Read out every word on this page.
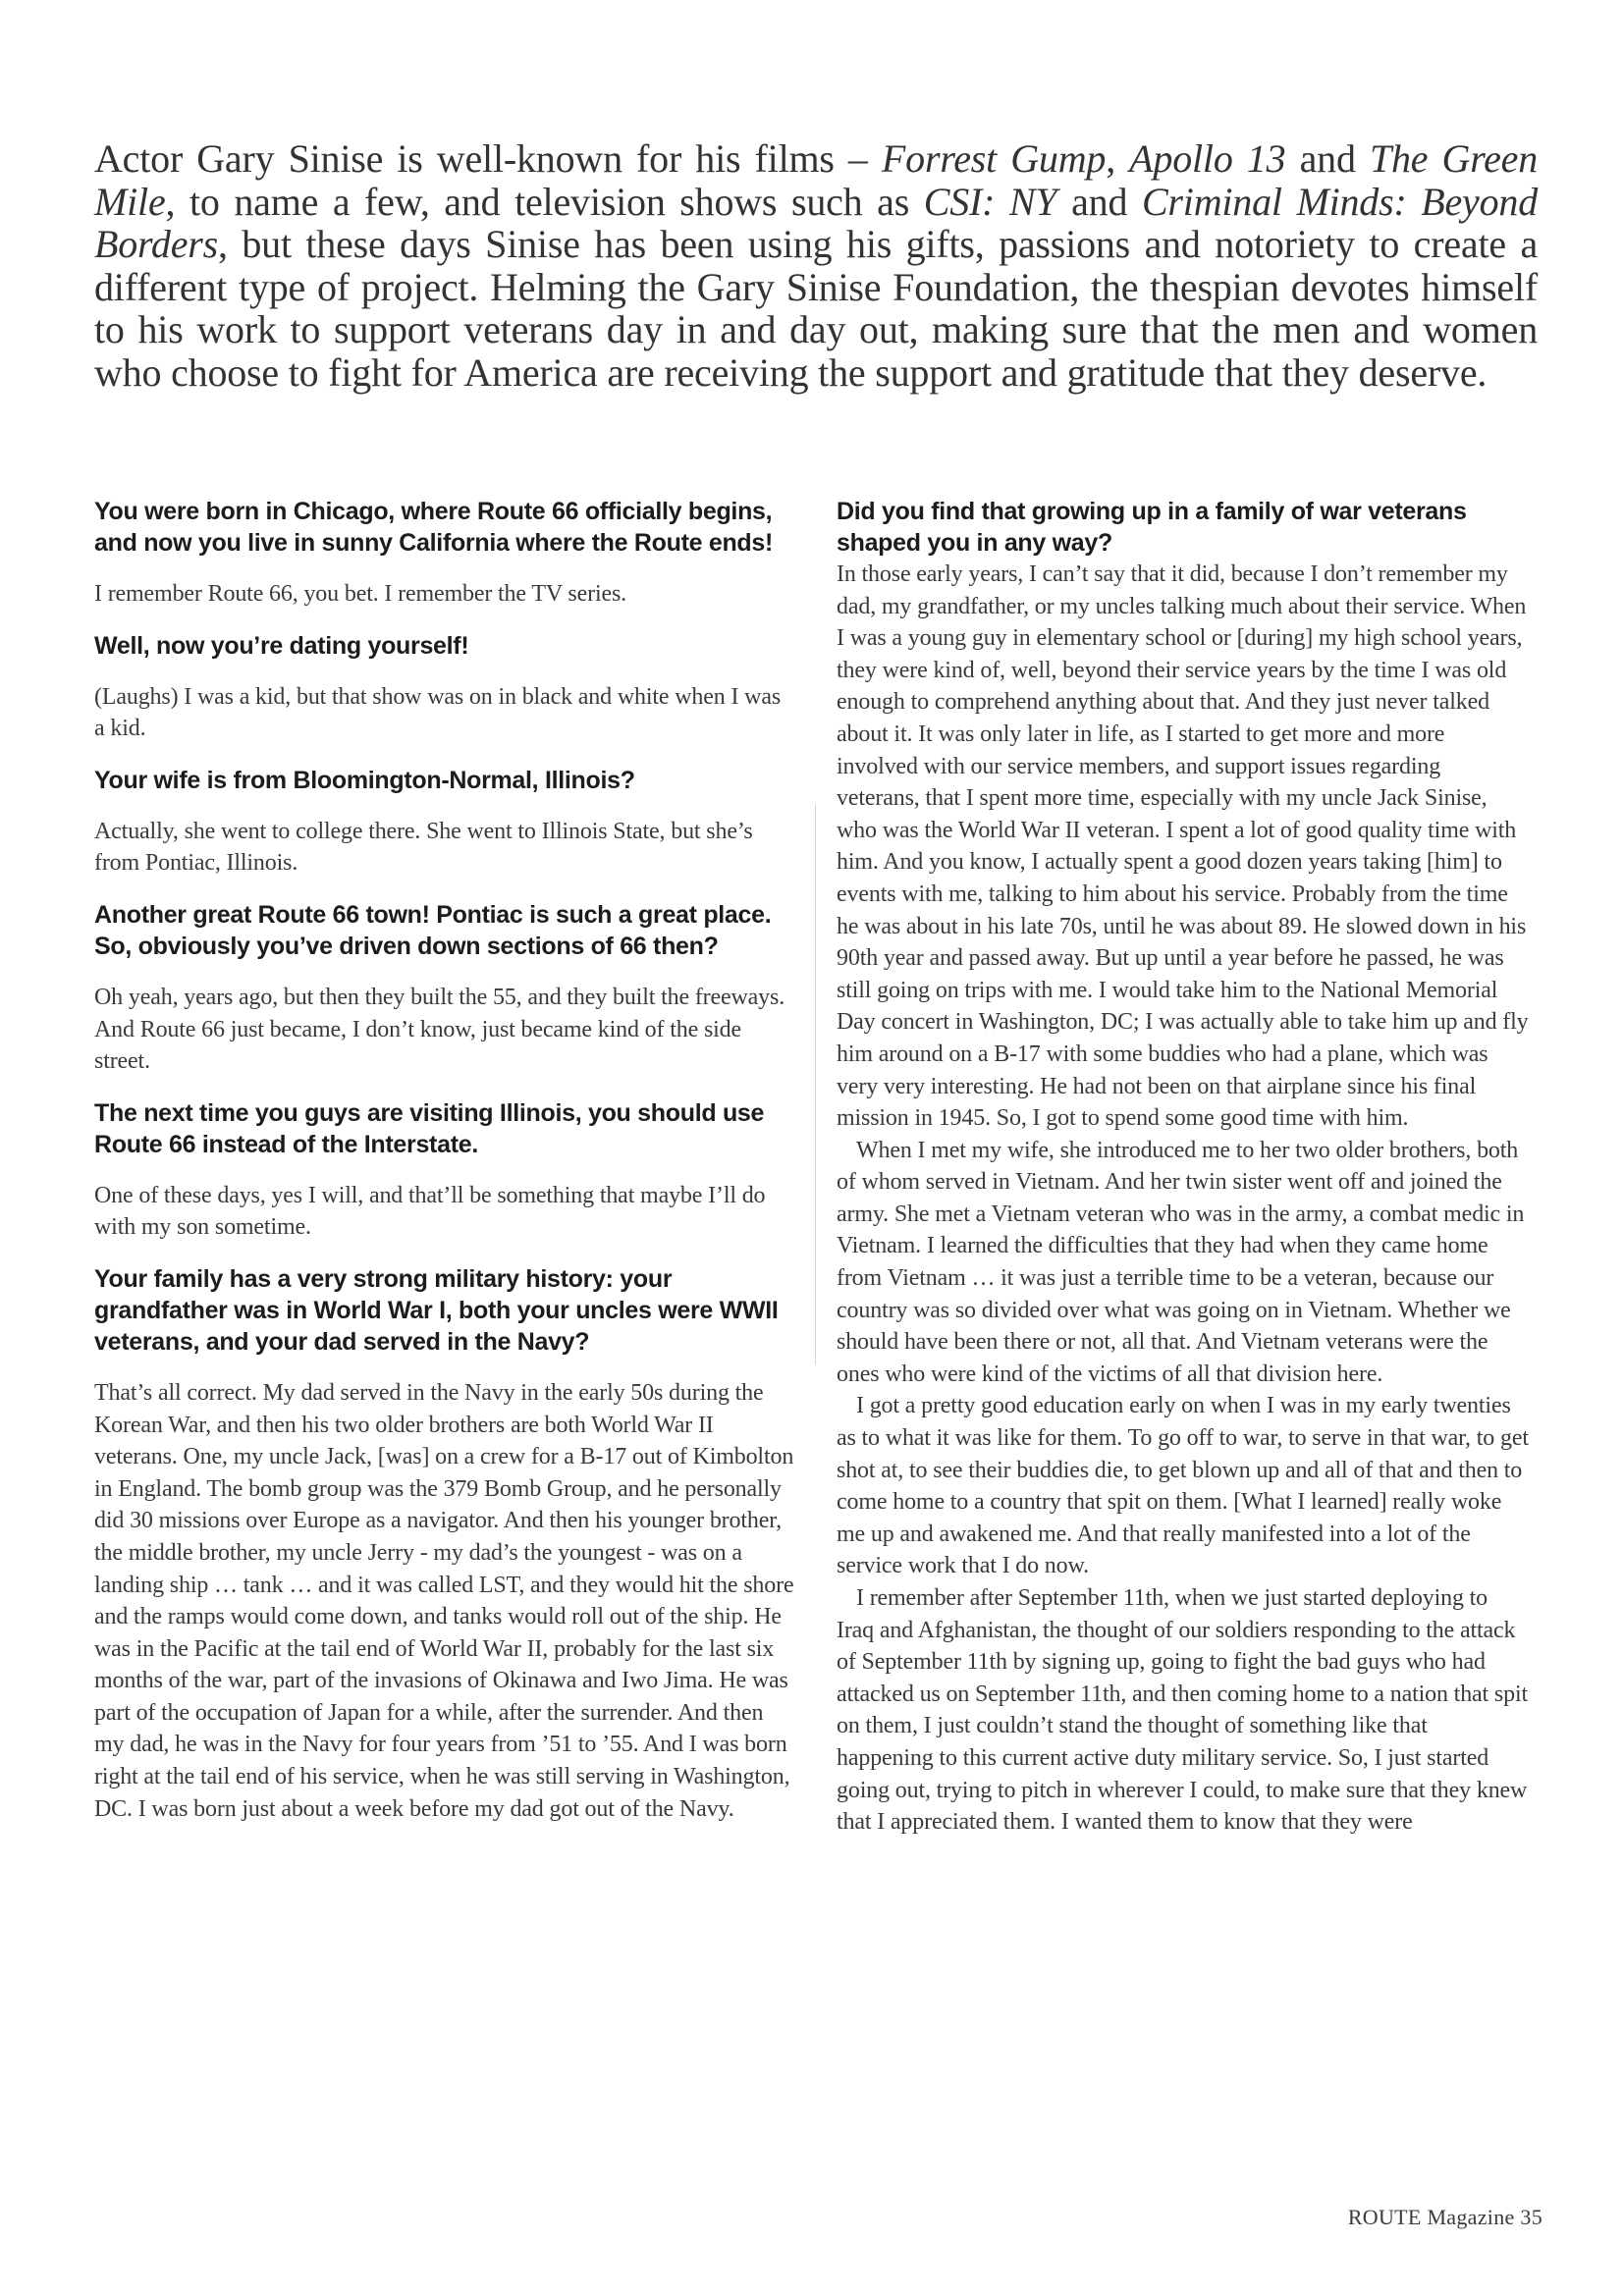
Actor Gary Sinise is well-known for his films – Forrest Gump, Apollo 13 and The Green Mile, to name a few, and television shows such as CSI: NY and Criminal Minds: Beyond Borders, but these days Sinise has been using his gifts, passions and notoriety to create a different type of project. Helming the Gary Sinise Foundation, the thespian devotes himself to his work to support veterans day in and day out, making sure that the men and women who choose to fight for America are receiving the support and gratitude that they deserve.

You were born in Chicago, where Route 66 officially begins, and now you live in sunny California where the Route ends!

I remember Route 66, you bet. I remember the TV series.

Well, now you’re dating yourself!

(Laughs) I was a kid, but that show was on in black and white when I was a kid.

Your wife is from Bloomington-Normal, Illinois?

Actually, she went to college there. She went to Illinois State, but she’s from Pontiac, Illinois.

Another great Route 66 town! Pontiac is such a great place. So, obviously you’ve driven down sections of 66 then?

Oh yeah, years ago, but then they built the 55, and they built the freeways. And Route 66 just became, I don’t know, just became kind of the side street.

The next time you guys are visiting Illinois, you should use Route 66 instead of the Interstate.

One of these days, yes I will, and that’ll be something that maybe I’ll do with my son sometime.

Your family has a very strong military history: your grandfather was in World War I, both your uncles were WWII veterans, and your dad served in the Navy?

That’s all correct. My dad served in the Navy in the early 50s during the Korean War, and then his two older brothers are both World War II veterans. One, my uncle Jack, [was] on a crew for a B-17 out of Kimbolton in England. The bomb group was the 379 Bomb Group, and he personally did 30 missions over Europe as a navigator. And then his younger brother, the middle brother, my uncle Jerry - my dad’s the youngest - was on a landing ship … tank … and it was called LST, and they would hit the shore and the ramps would come down, and tanks would roll out of the ship. He was in the Pacific at the tail end of World War II, probably for the last six months of the war, part of the invasions of Okinawa and Iwo Jima. He was part of the occupation of Japan for a while, after the surrender. And then my dad, he was in the Navy for four years from ’51 to ’55. And I was born right at the tail end of his service, when he was still serving in Washington, DC. I was born just about a week before my dad got out of the Navy.

Did you find that growing up in a family of war veterans shaped you in any way?

In those early years, I can’t say that it did, because I don’t remember my dad, my grandfather, or my uncles talking much about their service. When I was a young guy in elementary school or [during] my high school years, they were kind of, well, beyond their service years by the time I was old enough to comprehend anything about that. And they just never talked about it. It was only later in life, as I started to get more and more involved with our service members, and support issues regarding veterans, that I spent more time, especially with my uncle Jack Sinise, who was the World War II veteran. I spent a lot of good quality time with him. And you know, I actually spent a good dozen years taking [him] to events with me, talking to him about his service. Probably from the time he was about in his late 70s, until he was about 89. He slowed down in his 90th year and passed away. But up until a year before he passed, he was still going on trips with me. I would take him to the National Memorial Day concert in Washington, DC; I was actually able to take him up and fly him around on a B-17 with some buddies who had a plane, which was very very interesting. He had not been on that airplane since his final mission in 1945. So, I got to spend some good time with him.

When I met my wife, she introduced me to her two older brothers, both of whom served in Vietnam. And her twin sister went off and joined the army. She met a Vietnam veteran who was in the army, a combat medic in Vietnam. I learned the difficulties that they had when they came home from Vietnam … it was just a terrible time to be a veteran, because our country was so divided over what was going on in Vietnam. Whether we should have been there or not, all that. And Vietnam veterans were the ones who were kind of the victims of all that division here.

I got a pretty good education early on when I was in my early twenties as to what it was like for them. To go off to war, to serve in that war, to get shot at, to see their buddies die, to get blown up and all of that and then to come home to a country that spit on them. [What I learned] really woke me up and awakened me. And that really manifested into a lot of the service work that I do now.

I remember after September 11th, when we just started deploying to Iraq and Afghanistan, the thought of our soldiers responding to the attack of September 11th by signing up, going to fight the bad guys who had attacked us on September 11th, and then coming home to a nation that spit on them, I just couldn’t stand the thought of something like that happening to this current active duty military service. So, I just started going out, trying to pitch in wherever I could, to make sure that they knew that I appreciated them. I wanted them to know that they were

ROUTE Magazine 35
